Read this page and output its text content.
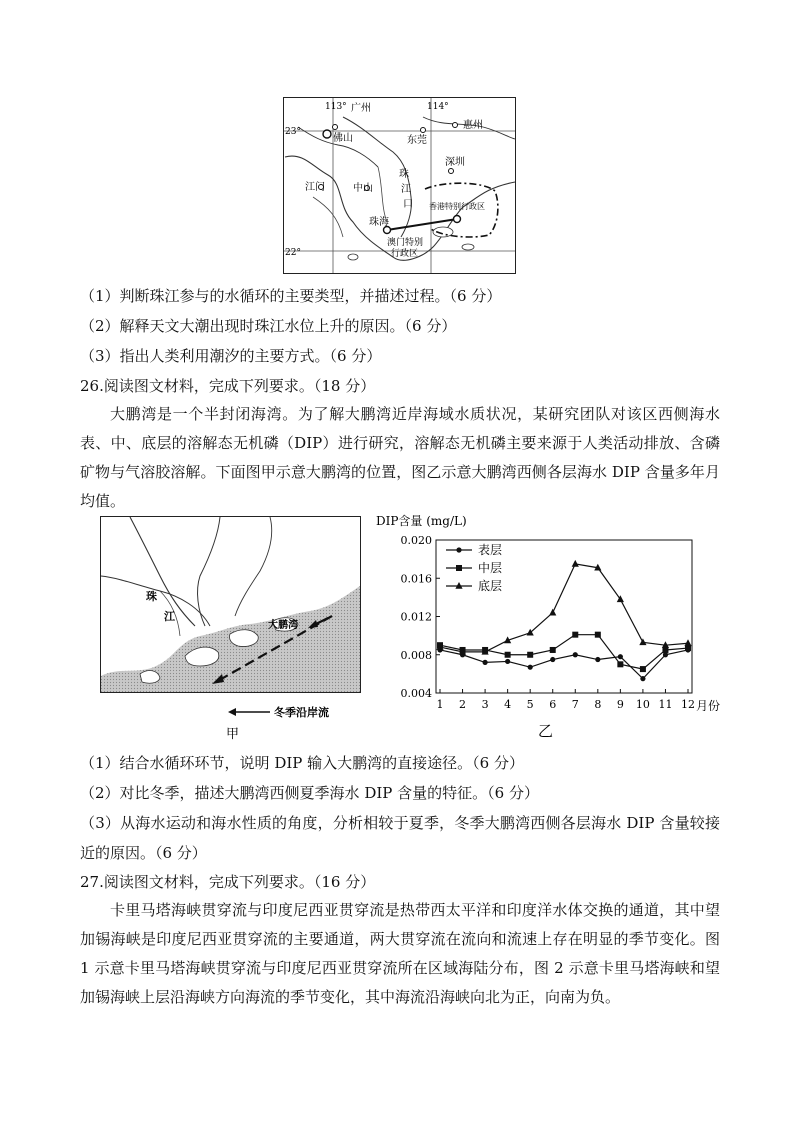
113°	114°
23°
22°
广州
惠州
佛山	东莞
深圳
江门	中山
珠
江
口
珠海
香港特别行政区
澳门特别
行政区
（1）判断珠江参与的水循环的主要类型，并描述过程。（6 分）
（2）解释天文大潮出现时珠江水位上升的原因。（6 分）
（3）指出人类利用潮汐的主要方式。（6 分）
26.阅读图文材料，完成下列要求。（18 分）
大鹏湾是一个半封闭海湾。为了解大鹏湾近岸海域水质状况，某研究团队对该区西侧海水表、中、底层的溶解态无机磷（DIP）进行研究，溶解态无机磷主要来源于人类活动排放、含磷矿物与气溶胶溶解。下面图甲示意大鹏湾的位置，图乙示意大鹏湾西侧各层海水 DIP 含量多年月均值。
珠
江
大鹏湾
冬季沿岸流
甲
DIP含量 (mg/L)
0.004
0.008
0.012
0.016
0.020
1 2 3 4 5 6 7 8 9 10 11 12
表层
中层
底层
月份
乙
（1）结合水循环环节，说明 DIP 输入大鹏湾的直接途径。（6 分）
（2）对比冬季，描述大鹏湾西侧夏季海水 DIP 含量的特征。（6 分）
（3）从海水运动和海水性质的角度，分析相较于夏季，冬季大鹏湾西侧各层海水 DIP 含量较接近的原因。（6 分）
27.阅读图文材料，完成下列要求。（16 分）
卡里马塔海峡贯穿流与印度尼西亚贯穿流是热带西太平洋和印度洋水体交换的通道，其中望加锡海峡是印度尼西亚贯穿流的主要通道，两大贯穿流在流向和流速上存在明显的季节变化。图 1 示意卡里马塔海峡贯穿流与印度尼西亚贯穿流所在区域海陆分布，图 2 示意卡里马塔海峡和望加锡海峡上层沿海峡方向海流的季节变化，其中海流沿海峡向北为正，向南为负。
